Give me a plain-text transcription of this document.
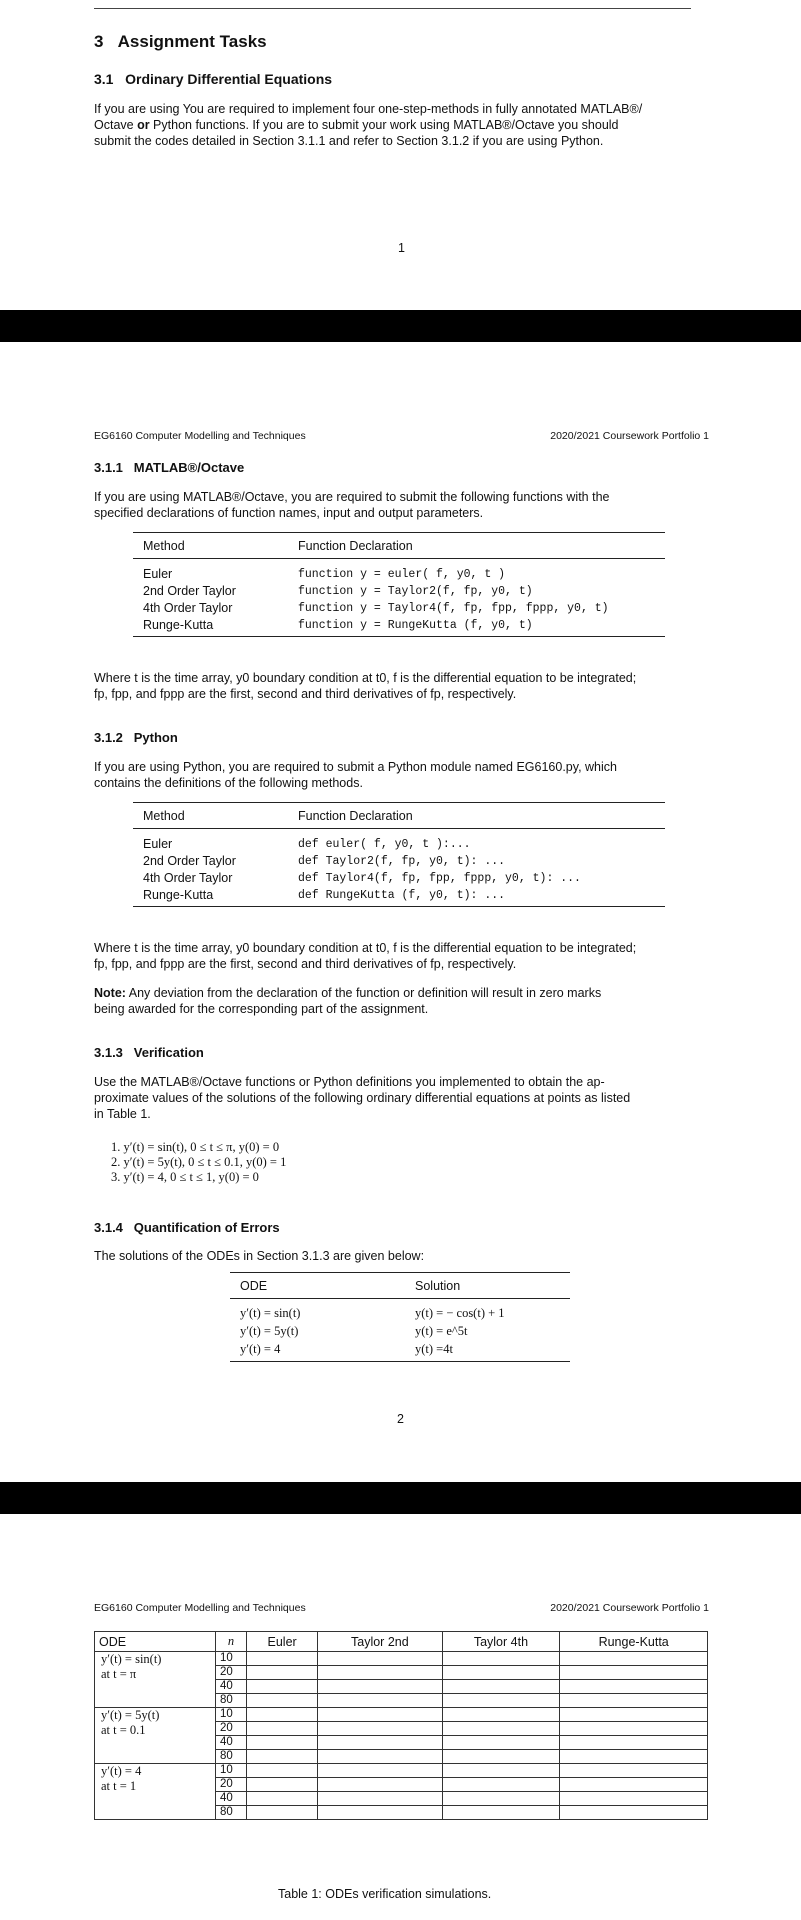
3 Assignment Tasks
3.1 Ordinary Differential Equations
If you are using You are required to implement four one-step-methods in fully annotated MATLAB®/
Octave or Python functions. If you are to submit your work using MATLAB®/Octave you should
submit the codes detailed in Section 3.1.1 and refer to Section 3.1.2 if you are using Python.
1
EG6160 Computer Modelling and Techniques	2020/2021 Coursework Portfolio 1
3.1.1 MATLAB®/Octave
If you are using MATLAB®/Octave, you are required to submit the following functions with the
specified declarations of function names, input and output parameters.
Method	Function Declaration
Euler	function y = euler( f, y0, t )
2nd Order Taylor	function y = Taylor2(f, fp, y0, t)
4th Order Taylor	function y = Taylor4(f, fp, fpp, fppp, y0, t)
Runge-Kutta	function y = RungeKutta (f, y0, t)
Where t is the time array, y0 boundary condition at t0, f is the differential equation to be integrated;
fp, fpp, and fppp are the first, second and third derivatives of fp, respectively.
3.1.2 Python
If you are using Python, you are required to submit a Python module named EG6160.py, which
contains the definitions of the following methods.
Method	Function Declaration
Euler	def euler( f, y0, t ):...
2nd Order Taylor	def Taylor2(f, fp, y0, t): ...
4th Order Taylor	def Taylor4(f, fp, fpp, fppp, y0, t): ...
Runge-Kutta	def RungeKutta (f, y0, t): ...
Where t is the time array, y0 boundary condition at t0, f is the differential equation to be integrated;
fp, fpp, and fppp are the first, second and third derivatives of fp, respectively.
Note: Any deviation from the declaration of the function or definition will result in zero marks
being awarded for the corresponding part of the assignment.
3.1.3 Verification
Use the MATLAB®/Octave functions or Python definitions you implemented to obtain the ap-
proximate values of the solutions of the following ordinary differential equations at points as listed
in Table 1.
1. y′(t) = sin(t), 0 ≤ t ≤ π, y(0) = 0
2. y′(t) = 5y(t), 0 ≤ t ≤ 0.1, y(0) = 1
3. y′(t) = 4, 0 ≤ t ≤ 1, y(0) = 0
3.1.4 Quantification of Errors
The solutions of the ODEs in Section 3.1.3 are given below:
ODE	Solution
y′(t) = sin(t)	y(t) = − cos(t) + 1
y′(t) = 5y(t)	y(t) = e^5t
y′(t) = 4	y(t) =4t
2
EG6160 Computer Modelling and Techniques	2020/2021 Coursework Portfolio 1
ODE	n	Euler	Taylor 2nd	Taylor 4th	Runge-Kutta

y′(t) = sin(t)
at t = π	10				
	20				
	40				
	80				

y′(t) = 5y(t)
at t = 0.1	10				
	20				
	40				
	80				

y′(t) = 4
at t = 1	10				
	20				
	40				
	80				
Table 1: ODEs verification simulations.
